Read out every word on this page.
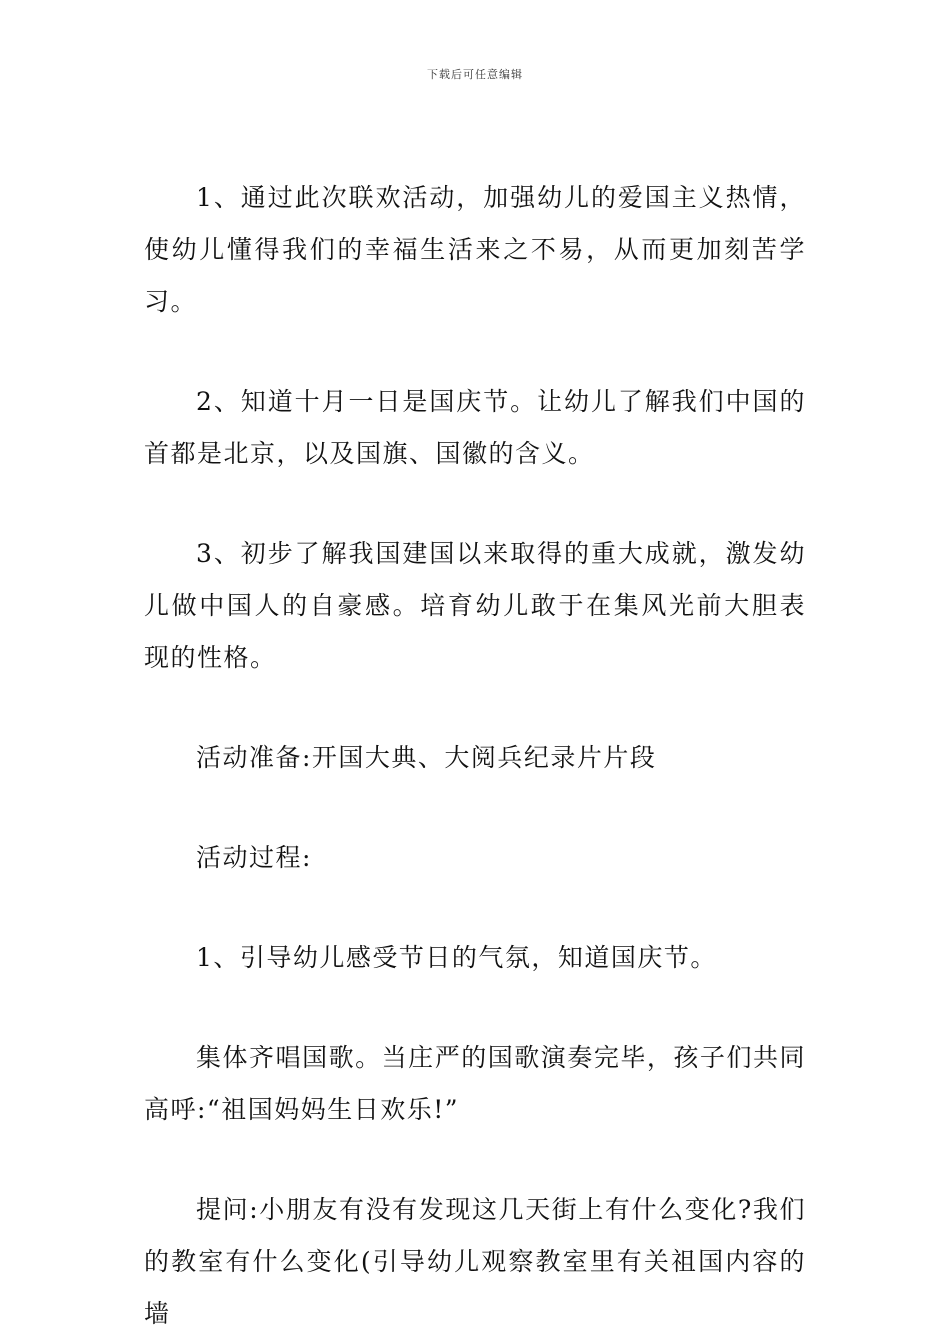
下载后可任意编辑

1、通过此次联欢活动，加强幼儿的爱国主义热情，使幼儿懂得我们的幸福生活来之不易，从而更加刻苦学习。

2、知道十月一日是国庆节。让幼儿了解我们中国的首都是北京，以及国旗、国徽的含义。

3、初步了解我国建国以来取得的重大成就，激发幼儿做中国人的自豪感。培育幼儿敢于在集风光前大胆表现的性格。

活动准备:开国大典、大阅兵纪录片片段

活动过程:

1、引导幼儿感受节日的气氛，知道国庆节。

集体齐唱国歌。当庄严的国歌演奏完毕，孩子们共同高呼:“祖国妈妈生日欢乐!”

提问:小朋友有没有发现这几天街上有什么变化?我们的教室有什么变化(引导幼儿观察教室里有关祖国内容的墙
